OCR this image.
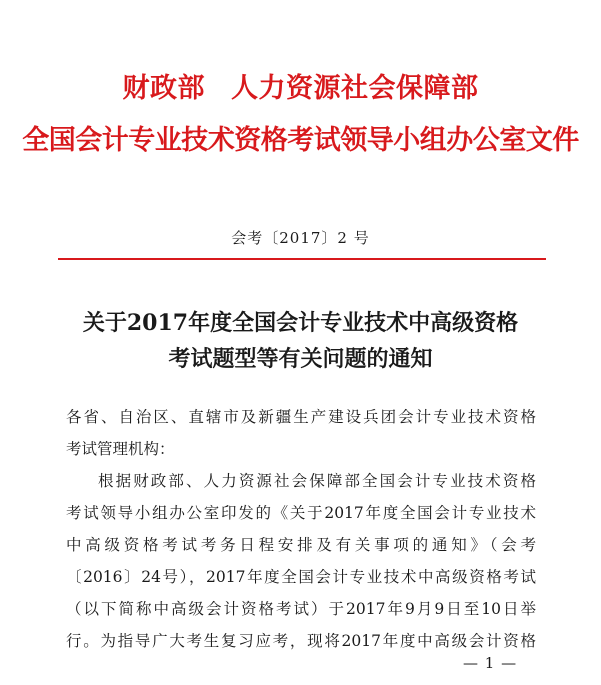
财政部 人力资源社会保障部
全国会计专业技术资格考试领导小组办公室文件
会考〔2017〕2 号
关于2017年度全国会计专业技术中高级资格
考试题型等有关问题的通知
各省、自治区、直辖市及新疆生产建设兵团会计专业技术资格
考试管理机构：
根据财政部、人力资源社会保障部全国会计专业技术资格
考试领导小组办公室印发的《关于2017年度全国会计专业技术
中高级资格考试考务日程安排及有关事项的通知》（会考
〔2016〕24号），2017年度全国会计专业技术中高级资格考试
（以下简称中高级会计资格考试）于2017年9月9日至10日举
行。为指导广大考生复习应考，现将2017年度中高级会计资格
— 1 —
